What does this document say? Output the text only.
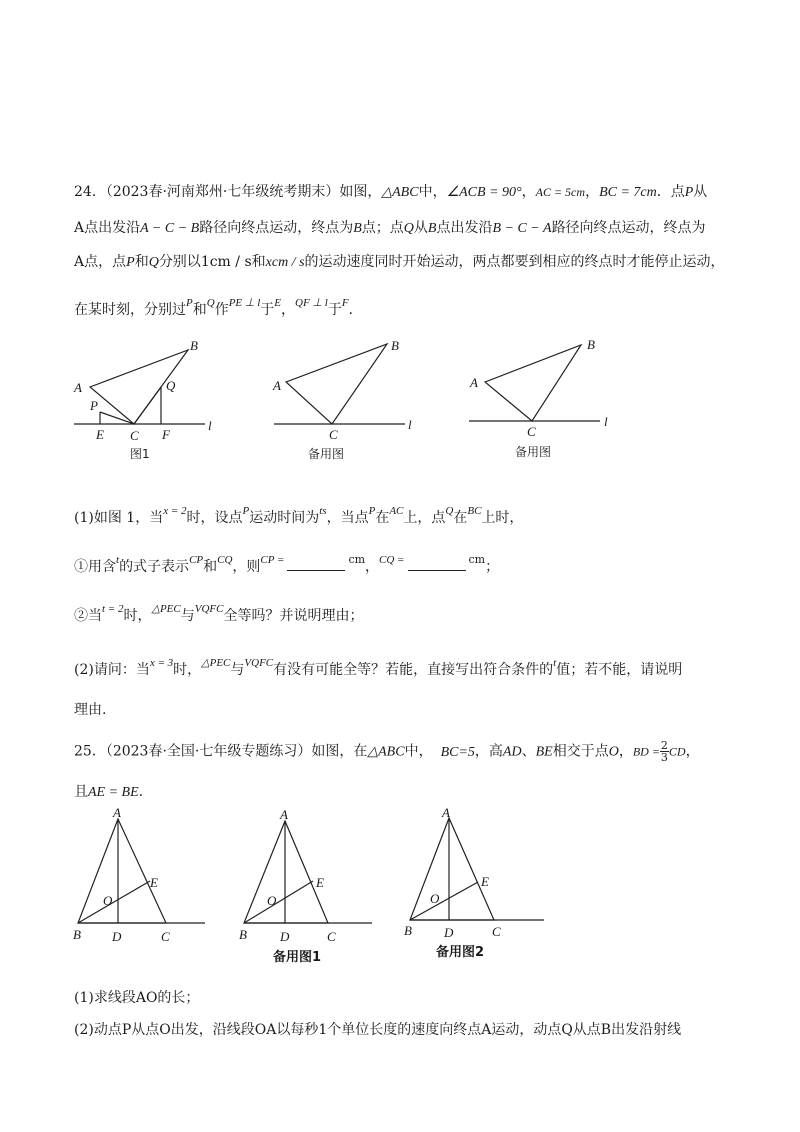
24．（2023春·河南郑州·七年级统考期末）如图，△ABC中，∠ACB = 90°，AC = 5cm，BC = 7cm．点P从
A点出发沿A − C − B路径向终点运动，终点为B点；点Q从B点出发沿B − C − A路径向终点运动，终点为
A点，点P和Q分别以1cm / s和xcm / s的运动速度同时开始运动，两点都要到相应的终点时才能停止运动，
在某时刻，分别过$^P$和$^Q$作$^{PE \perp l}$于$^E$，$^{QF \perp l}$于$^F$.
A
B
P
Q
E C F
l
图1
A
B
C
l
备用图
A
B
C
l
备用图
(1)如图 1，当$^{x = 2}$时，设点$^P$运动时间为$^{ts}$，当点$^P$在$^{AC}$上，点$^Q$在$^{BC}$上时，
①用含$^t$的式子表示$^{CP}$和$^{CQ}$，则$^{CP =}$	$^{cm}$，$^{CQ =}$	$^{cm}$；
②当$^{t = 2}$时，$^{\triangle PEC}$与$^{VQFC}$全等吗？并说明理由；
(2)请问：当$^{x = 3}$时，$^{\triangle PEC}$与$^{VQFC}$有没有可能全等？若能，直接写出符合条件的$^t$值；若不能，请说明
理由.
25．（2023春·全国·七年级专题练习）如图，在△ABC中， BC=5，高AD、BE相交于点O，BD = $\frac{2}{3}$ CD，
且AE = BE.
A
E
O
B D	C
A
E
O
B	D	C
备用图1
A
E
O
B D	C
备用图2
(1)求线段AO的长；
(2)动点P从点O出发，沿线段OA以每秒1个单位长度的速度向终点A运动，动点Q从点B出发沿射线
